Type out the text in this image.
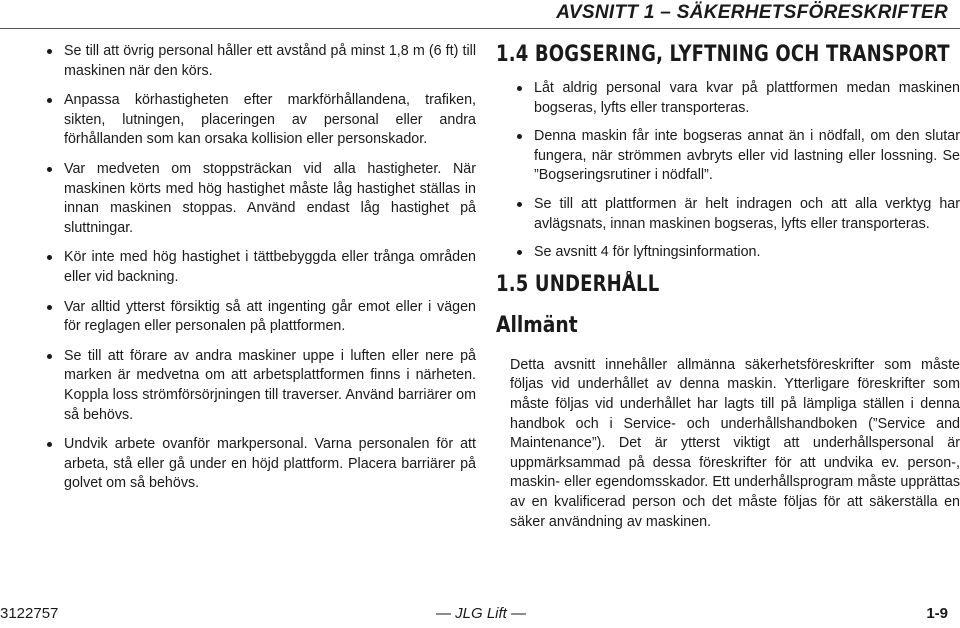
AVSNITT 1 – SÄKERHETSFÖRESKRIFTER
Se till att övrig personal håller ett avstånd på minst 1,8 m (6 ft) till maskinen när den körs.
Anpassa körhastigheten efter markförhållandena, trafiken, sikten, lutningen, placeringen av personal eller andra förhållanden som kan orsaka kollision eller personskador.
Var medveten om stoppsträckan vid alla hastigheter. När maskinen körts med hög hastighet måste låg hastighet ställas in innan maskinen stoppas. Använd endast låg hastighet på sluttningar.
Kör inte med hög hastighet i tättbebyggda eller trånga områden eller vid backning.
Var alltid ytterst försiktig så att ingenting går emot eller i vägen för reglagen eller personalen på plattformen.
Se till att förare av andra maskiner uppe i luften eller nere på marken är medvetna om att arbetsplattformen finns i närheten. Koppla loss strömförsörjningen till traverser. Använd barriärer om så behövs.
Undvik arbete ovanför markpersonal. Varna personalen för att arbeta, stå eller gå under en höjd plattform. Placera barriärer på golvet om så behövs.
1.4 BOGSERING, LYFTNING OCH TRANSPORT
Låt aldrig personal vara kvar på plattformen medan maskinen bogseras, lyfts eller transporteras.
Denna maskin får inte bogseras annat än i nödfall, om den slutar fungera, när strömmen avbryts eller vid lastning eller lossning. Se ”Bogseringsrutiner i nödfall”.
Se till att plattformen är helt indragen och att alla verktyg har avlägsnats, innan maskinen bogseras, lyfts eller transporteras.
Se avsnitt 4 för lyftningsinformation.
1.5 UNDERHÅLL
Allmänt

Detta avsnitt innehåller allmänna säkerhetsföreskrifter som måste följas vid underhållet av denna maskin. Ytterligare föreskrifter som måste följas vid underhållet har lagts till på lämpliga ställen i denna handbok och i Service- och underhållshandboken (”Service and Maintenance”). Det är ytterst viktigt att underhållspersonal är uppmärksammad på dessa föreskrifter för att undvika ev. person-, maskin- eller egendomsskador. Ett underhållsprogram måste upprättas av en kvalificerad person och det måste följas för att säkerställa en säker användning av maskinen.

3122757	— JLG Lift —	1-9
